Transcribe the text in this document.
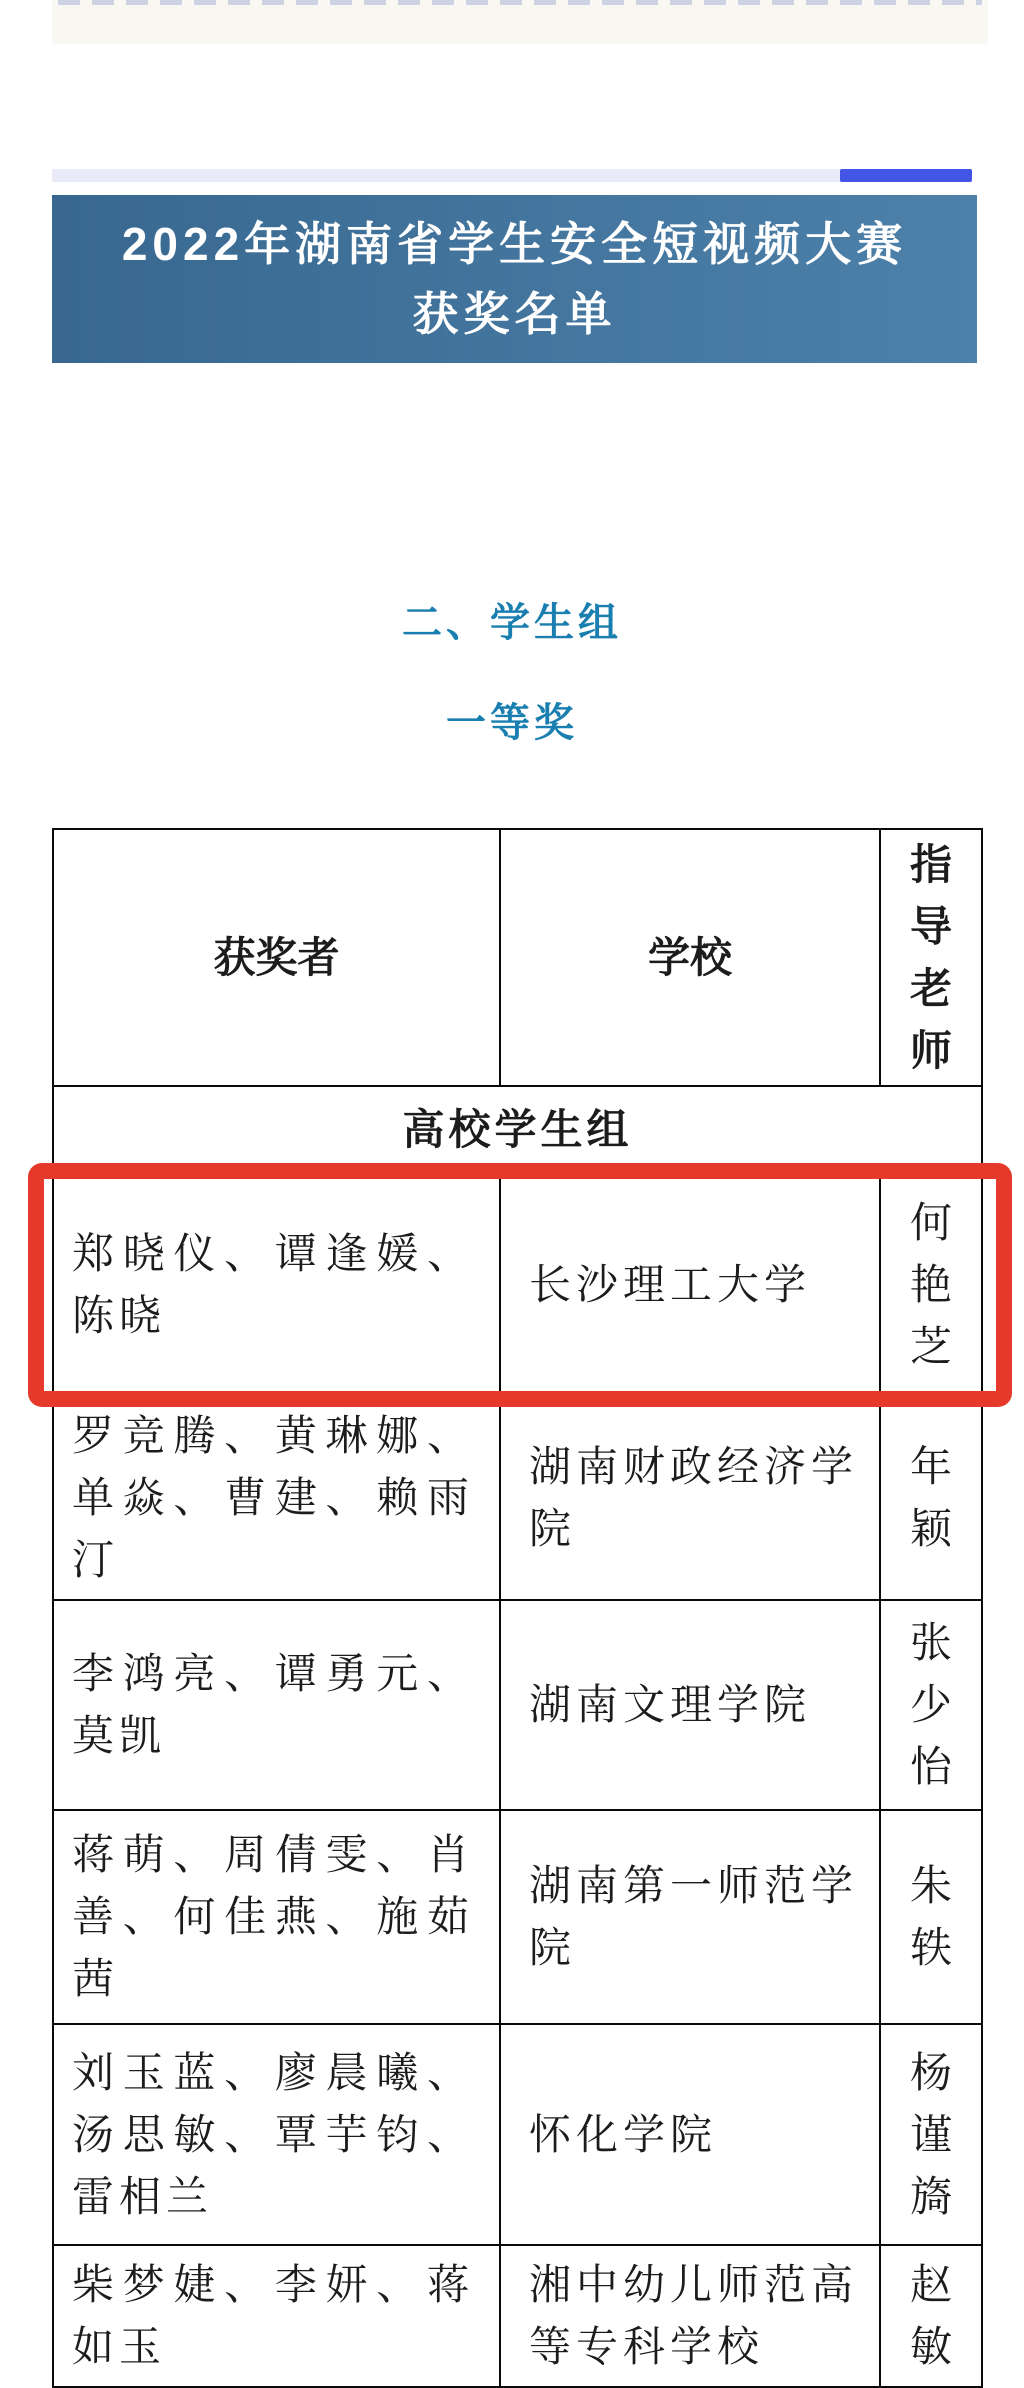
2022年湖南省学生安全短视频大赛
获奖名单
二、学生组
一等奖
获奖者	学校	指导老师
高校学生组		
郑晓仪、谭逢媛、陈晓	长沙理工大学	何艳芝
罗竞腾、黄琳娜、单焱、曹建、赖雨汀	湖南财政经济学院	年颖
李鸿亮、谭勇元、莫凯	湖南文理学院	张少怡
蒋萌、周倩雯、肖善、何佳燕、施茹茜	湖南第一师范学院	朱轶
刘玉蓝、廖晨曦、汤思敏、覃芋钧、雷相兰	怀化学院	杨谨旖
柴梦婕、李妍、蒋如玉	湘中幼儿师范高等专科学校	赵敏
